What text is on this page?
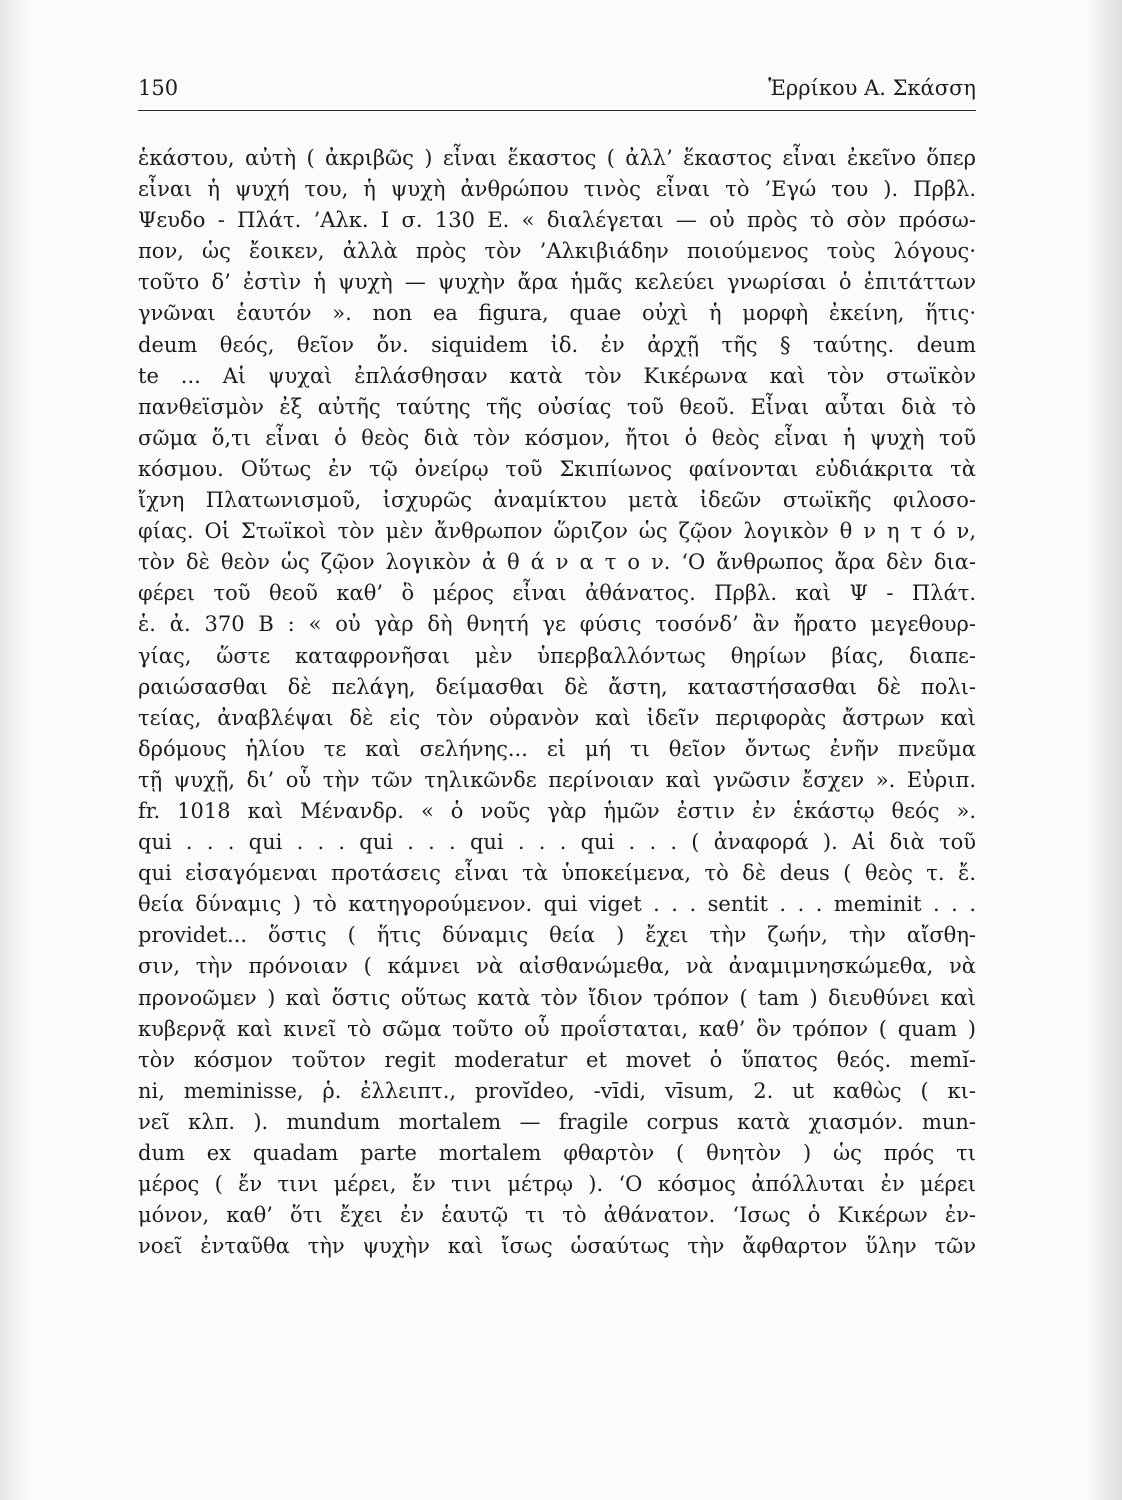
150	Ἑρρίκου Α. Σκάσση
ἑκάστου, αὐτὴ ( ἀκριβῶς ) εἶναι ἕκαστος ( ἀλλ’ ἕκαστος εἶναι ἐκεῖνο ὅπερ
εἶναι ἡ ψυχή του, ἡ ψυχὴ ἀνθρώπου τινὸς εἶναι τὸ ’Εγώ του ). Πρβλ.
Ψευδο - Πλάτ. ’Αλκ. Ι σ. 130 Ε. « διαλέγεται — οὐ πρὸς τὸ σὸν πρόσω-
πον, ὡς ἔοικεν, ἀλλὰ πρὸς τὸν ’Αλκιβιάδην ποιούμενος τοὺς λόγους·
τοῦτο δ’ ἐστὶν ἡ ψυχὴ — ψυχὴν ἄρα ἡμᾶς κελεύει γνωρίσαι ὁ ἐπιτάττων
γνῶναι ἑαυτόν ». non ea figura, quae οὐχὶ ἡ μορφὴ ἐκείνη, ἥτις·
deum θεός, θεῖον ὄν. siquidem ἰδ. ἐν ἀρχῇ τῆς § ταύτης. deum
te ... Αἱ ψυχαὶ ἐπλάσθησαν κατὰ τὸν Κικέρωνα καὶ τὸν στωϊκὸν
πανθεϊσμὸν ἐξ αὐτῆς ταύτης τῆς οὐσίας τοῦ θεοῦ. Εἶναι αὗται διὰ τὸ
σῶμα ὅ,τι εἶναι ὁ θεὸς διὰ τὸν κόσμον, ἤτοι ὁ θεὸς εἶναι ἡ ψυχὴ τοῦ
κόσμου. Οὕτως ἐν τῷ ὀνείρῳ τοῦ Σκιπίωνος φαίνονται εὐδιάκριτα τὰ
ἴχνη Πλατωνισμοῦ, ἰσχυρῶς ἀναμίκτου μετὰ ἰδεῶν στωϊκῆς φιλοσο-
φίας. Οἱ Στωϊκοὶ τὸν μὲν ἄνθρωπον ὥριζον ὡς ζῷον λογικὸν θ ν η τ ό ν,
τὸν δὲ θεὸν ὡς ζῷον λογικὸν ἀ θ ά ν α τ ο ν. ‘Ο ἄνθρωπος ἄρα δὲν δια-
φέρει τοῦ θεοῦ καθ’ ὃ μέρος εἶναι ἀθάνατος. Πρβλ. καὶ Ψ - Πλάτ.
ἑ. ἀ. 370 Β : « οὐ γὰρ δὴ θνητή γε φύσις τοσόνδ’ ἂν ἤρατο μεγεθουρ-
γίας, ὥστε καταφρονῆσαι μὲν ὑπερβαλλόντως θηρίων βίας, διαπε-
ραιώσασθαι δὲ πελάγη, δείμασθαι δὲ ἄστη, καταστήσασθαι δὲ πολι-
τείας, ἀναβλέψαι δὲ εἰς τὸν οὐρανὸν καὶ ἰδεῖν περιφορὰς ἄστρων καὶ
δρόμους ἡλίου τε καὶ σελήνης... εἰ μή τι θεῖον ὄντως ἐνῆν πνεῦμα
τῇ ψυχῇ, δι’ οὗ τὴν τῶν τηλικῶνδε περίνοιαν καὶ γνῶσιν ἔσχεν ». Εὐριπ.
fr. 1018 καὶ Μένανδρ. « ὁ νοῦς γὰρ ἡμῶν ἐστιν ἐν ἑκάστῳ θεός ».
qui . . . qui . . . qui . . . qui . . . qui . . . ( ἀναφορά ). Αἱ διὰ τοῦ
qui εἰσαγόμεναι προτάσεις εἶναι τὰ ὑποκείμενα, τὸ δὲ deus ( θεὸς τ. ἔ.
θεία δύναμις ) τὸ κατηγορούμενον. qui viget . . . sentit . . . meminit . . .
providet... ὅστις ( ἥτις δύναμις θεία ) ἔχει τὴν ζωήν, τὴν αἴσθη-
σιν, τὴν πρόνοιαν ( κάμνει νὰ αἰσθανώμεθα, νὰ ἀναμιμνησκώμεθα, νὰ
προνοῶμεν ) καὶ ὅστις οὕτως κατὰ τὸν ἴδιον τρόπον ( tam ) διευθύνει καὶ
κυβερνᾷ καὶ κινεῖ τὸ σῶμα τοῦτο οὗ προΐσταται, καθ’ ὃν τρόπον ( quam )
τὸν κόσμον τοῦτον regit moderatur et movet ὁ ὕπατος θεός. memĭ-
ni, meminisse, ῥ. ἐλλειπτ., provĭdeo, -vīdi, vīsum, 2. ut καθὼς ( κι-
νεῖ κλπ. ). mundum mortalem — fragile corpus κατὰ χιασμόν. mun-
dum ex quadam parte mortalem φθαρτὸν ( θνητὸν ) ὡς πρός τι
μέρος ( ἔν τινι μέρει, ἔν τινι μέτρῳ ). ‘Ο κόσμος ἀπόλλυται ἐν μέρει
μόνον, καθ’ ὅτι ἔχει ἐν ἑαυτῷ τι τὸ ἀθάνατον. ‘Ισως ὁ Κικέρων ἐν-
νοεῖ ἐνταῦθα τὴν ψυχὴν καὶ ἴσως ὡσαύτως τὴν ἄφθαρτον ὕλην τῶν
